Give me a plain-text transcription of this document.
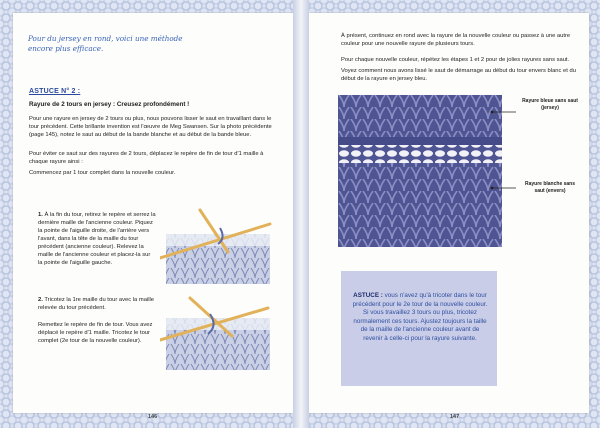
Pour du jersey en rond, voici une méthode encore plus efficace.
ASTUCE N° 2 :
Rayure de 2 tours en jersey : Creusez profondément !

Pour une rayure en jersey de 2 tours ou plus, nous pouvons lisser le saut en travaillant dans le tour précédent. Cette brillante invention est l'œuvre de Meg Swansen. Sur la photo précédente (page 145), notez le saut au début de la bande blanche et au début de la bande bleue.

Pour éviter ce saut sur des rayures de 2 tours, déplacez le repère de fin de tour d'1 maille à chaque rayure ainsi :

Commencez par 1 tour complet dans la nouvelle couleur.

1. À la fin du tour, retirez le repère et serrez la dernière maille de l'ancienne couleur. Piquez la pointe de l'aiguille droite, de l'arrière vers l'avant, dans la tête de la maille du tour précédent (ancienne couleur). Relevez la maille de l'ancienne couleur et placez-la sur la pointe de l'aiguille gauche.

2. Tricotez la 1re maille du tour avec la maille relevée du tour précédent.

Remettez le repère de fin de tour. Vous avez déplacé le repère d'1 maille. Tricotez le tour complet (2e tour de la nouvelle couleur).

146

À présent, continuez en rond avec la rayure de la nouvelle couleur ou passez à une autre couleur pour une nouvelle rayure de plusieurs tours.

Pour chaque nouvelle couleur, répétez les étapes 1 et 2 pour de jolies rayures sans saut.

Voyez comment nous avons lissé le saut de démarrage au début du tour envers blanc et du début de la rayure en jersey bleu.

Rayure bleue sans saut (jersey)
Rayure blanche sans saut (envers)
ASTUCE : vous n'avez qu'à tricoter dans le tour précédent pour le 2e tour de la nouvelle couleur. Si vous travaillez 3 tours ou plus, tricotez normalement ces tours. Ajustez toujours la taille de la maille de l'ancienne couleur avant de revenir à celle-ci pour la rayure suivante.
147
